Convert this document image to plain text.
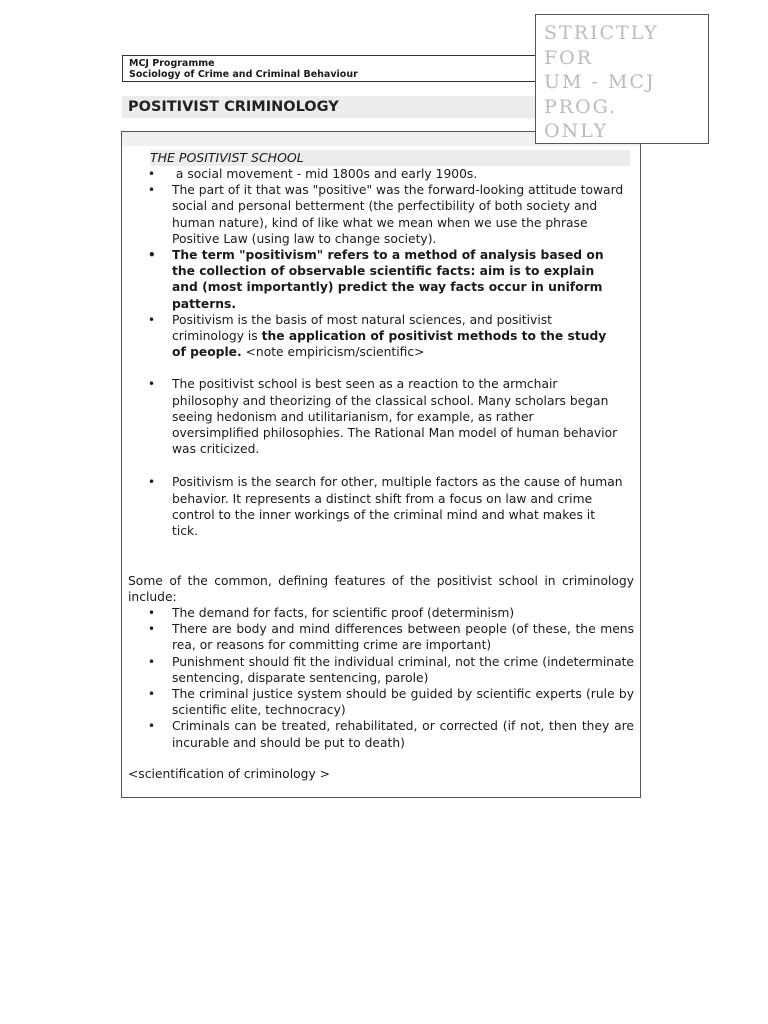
MCJ Programme
Sociology of Crime and Criminal Behaviour
STRICTLY
FOR
UM - MCJ
PROG.
ONLY
POSITIVIST CRIMINOLOGY
THE POSITIVIST SCHOOL
• a social movement - mid 1800s and early 1900s.
• The part of it that was "positive" was the forward-looking attitude toward social and personal betterment (the perfectibility of both society and human nature), kind of like what we mean when we use the phrase Positive Law (using law to change society).
• The term "positivism" refers to a method of analysis based on the collection of observable scientific facts: aim is to explain and (most importantly) predict the way facts occur in uniform patterns.
• Positivism is the basis of most natural sciences, and positivist criminology is the application of positivist methods to the study of people. <note empiricism/scientific>
• The positivist school is best seen as a reaction to the armchair philosophy and theorizing of the classical school. Many scholars began seeing hedonism and utilitarianism, for example, as rather oversimplified philosophies. The Rational Man model of human behavior was criticized.
• Positivism is the search for other, multiple factors as the cause of human behavior. It represents a distinct shift from a focus on law and crime control to the inner workings of the criminal mind and what makes it tick.
Some of the common, defining features of the positivist school in criminology include:
• The demand for facts, for scientific proof (determinism)
• There are body and mind differences between people (of these, the mens rea, or reasons for committing crime are important)
• Punishment should fit the individual criminal, not the crime (indeterminate sentencing, disparate sentencing, parole)
• The criminal justice system should be guided by scientific experts (rule by scientific elite, technocracy)
• Criminals can be treated, rehabilitated, or corrected (if not, then they are incurable and should be put to death)
<scientification of criminology >
